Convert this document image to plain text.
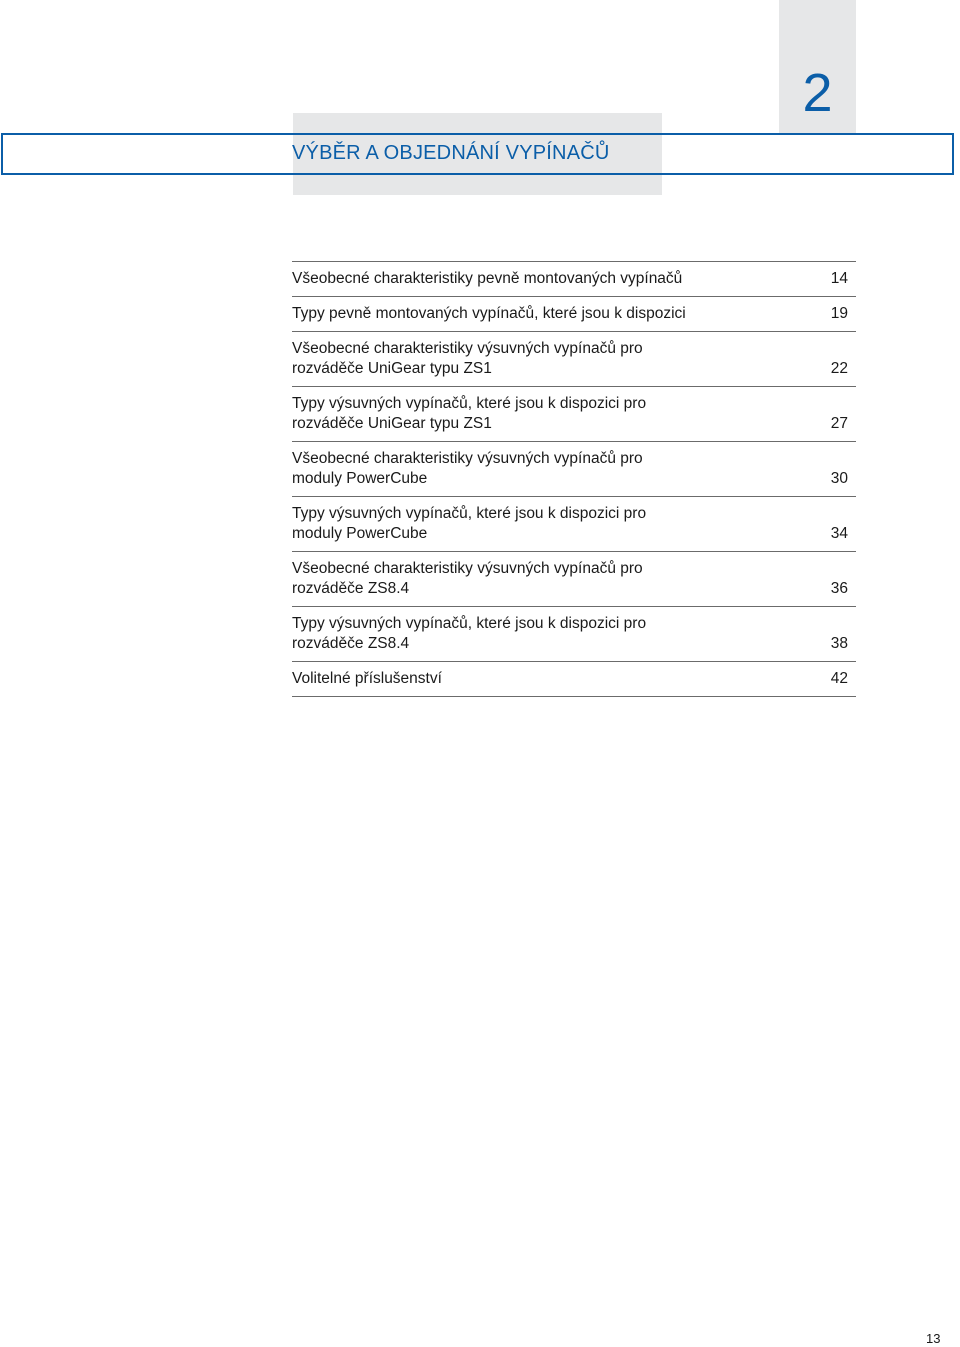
2
VÝBĚR A OBJEDNÁNÍ VYPÍNAČŮ
Všeobecné charakteristiky pevně montovaných vypínačů	14
Typy pevně montovaných vypínačů, které jsou k dispozici	19
Všeobecné charakteristiky výsuvných vypínačů pro
rozváděče UniGear typu ZS1	22
Typy výsuvných vypínačů, které jsou k dispozici pro
rozváděče UniGear typu ZS1	27
Všeobecné charakteristiky výsuvných vypínačů pro
moduly PowerCube	30
Typy výsuvných vypínačů, které jsou k dispozici pro
moduly PowerCube	34
Všeobecné charakteristiky výsuvných vypínačů pro
rozváděče ZS8.4	36
Typy výsuvných vypínačů, které jsou k dispozici pro
rozváděče ZS8.4	38
Volitelné příslušenství	42
13
